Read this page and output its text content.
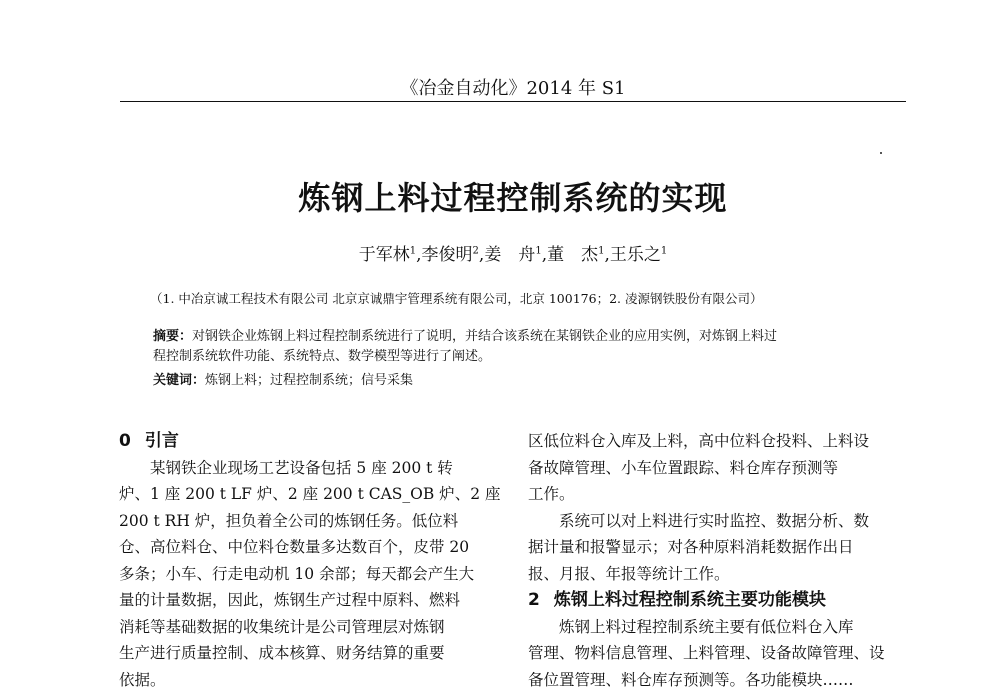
《冶金自动化》2014 年 S1
炼钢上料过程控制系统的实现
于军林$^1$,李俊明$^2$,姜　舟$^1$,董　杰$^1$,王乐之$^1$
（1. 中冶京诚工程技术有限公司 北京京诚鼎宇管理系统有限公司，北京 100176；2. 凌源钢铁股份有限公司）
摘要：对钢铁企业炼钢上料过程控制系统进行了说明，并结合该系统在某钢铁企业的应用实例，对炼钢上料过
程控制系统软件功能、系统特点、数学模型等进行了阐述。
关键词：炼钢上料；过程控制系统；信号采集
0 引言
某钢铁企业现场工艺设备包括 5 座 200 t 转
炉、1 座 200 t LF 炉、2 座 200 t CAS_OB 炉、2 座
200 t RH 炉，担负着全公司的炼钢任务。低位料
仓、高位料仓、中位料仓数量多达数百个，皮带 20
多条；小车、行走电动机 10 余部；每天都会产生大
量的计量数据，因此，炼钢生产过程中原料、燃料
消耗等基础数据的收集统计是公司管理层对炼钢
生产进行质量控制、成本核算、财务结算的重要
依据。
区低位料仓入库及上料，高中位料仓投料、上料设
备故障管理、小车位置跟踪、料仓库存预测等
工作。
系统可以对上料进行实时监控、数据分析、数
据计量和报警显示；对各种原料消耗数据作出日
报、月报、年报等统计工作。
2 炼钢上料过程控制系统主要功能模块
炼钢上料过程控制系统主要有低位料仓入库
管理、物料信息管理、上料管理、设备故障管理、设
备位置管理、料仓库存预测等。各功能模块……
